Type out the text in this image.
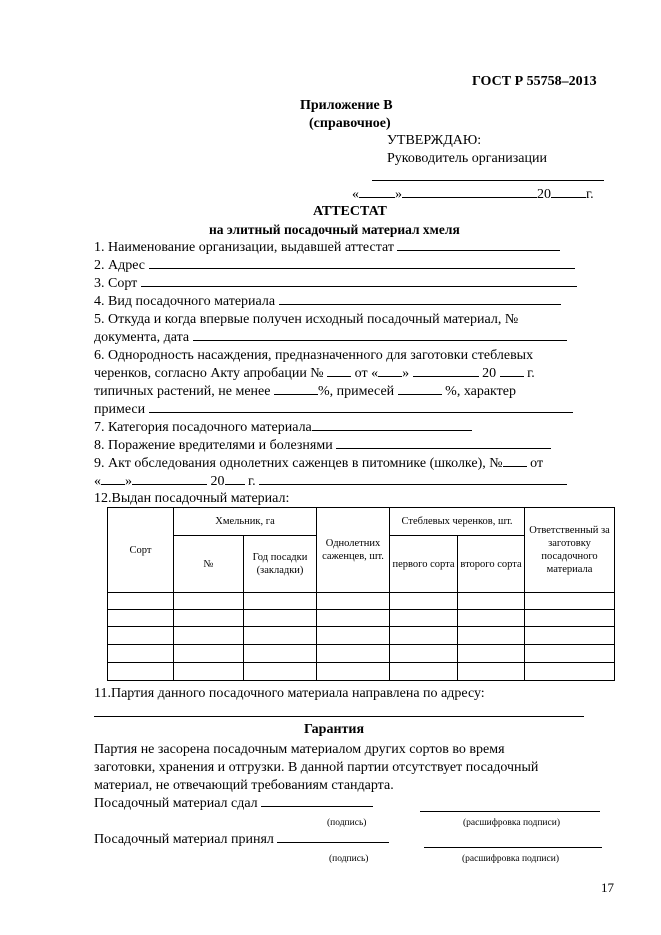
ГОСТ Р 55758–2013
Приложение В
(справочное)
УТВЕРЖДАЮ:
Руководитель организации
«	»	20	г.
АТТЕСТАТ
на элитный посадочный материал хмеля
1. Наименование организации, выдавшей аттестат
2. Адрес
3. Сорт
4. Вид посадочного материала
5. Откуда и когда впервые получен исходный посадочный материал, №
документа, дата
6. Однородность насаждения, предназначенного для заготовки стеблевых
черенков, согласно Акту апробации № от « »	20 г.
типичных растений, не менее	%, примесей	%, характер
примеси
7. Категория посадочного материала
8. Поражение вредителями и болезнями
9. Акт обследования однолетних саженцев в питомнике (школке), № от
« »	20 г.
12.Выдан посадочный материал:
Сорт	Хмельник, га		Однолетних саженцев, шт.	Стеблевых черенков, шт.		Ответственный за заготовку посадочного материала
	№	Год посадки (закладки)		первого сорта	второго сорта	

11.Партия данного посадочного материала направлена по адресу:
Гарантия
Партия не засорена посадочным материалом других сортов во время
заготовки, хранения и отгрузки. В данной партии отсутствует посадочный
материал, не отвечающий требованиям стандарта.
Посадочный материал сдал
(подпись)	(расшифровка подписи)
Посадочный материал принял
(подпись)	(расшифровка подписи)
17
